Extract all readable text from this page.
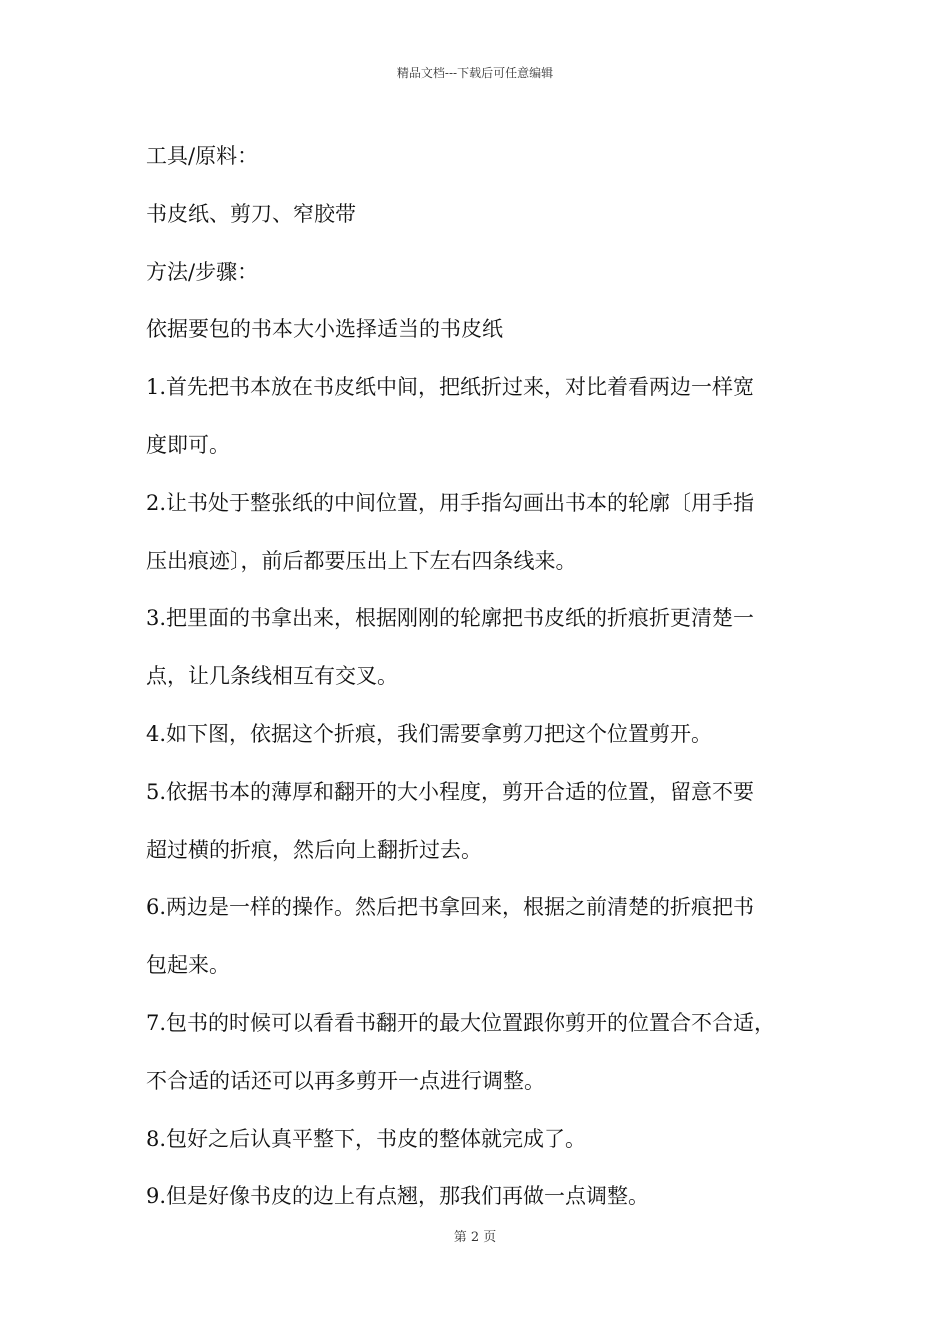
精品文档---下载后可任意编辑

工具/原料：

书皮纸、剪刀、窄胶带

方法/步骤：

依据要包的书本大小选择适当的书皮纸

1.首先把书本放在书皮纸中间，把纸折过来，对比着看两边一样宽

度即可。

2.让书处于整张纸的中间位置，用手指勾画出书本的轮廓〔用手指

压出痕迹〕，前后都要压出上下左右四条线来。

3.把里面的书拿出来，根据刚刚的轮廓把书皮纸的折痕折更清楚一

点，让几条线相互有交叉。

4.如下图，依据这个折痕，我们需要拿剪刀把这个位置剪开。

5.依据书本的薄厚和翻开的大小程度，剪开合适的位置，留意不要

超过横的折痕，然后向上翻折过去。

6.两边是一样的操作。然后把书拿回来，根据之前清楚的折痕把书

包起来。

7.包书的时候可以看看书翻开的最大位置跟你剪开的位置合不合适，

不合适的话还可以再多剪开一点进行调整。

8.包好之后认真平整下，书皮的整体就完成了。

9.但是好像书皮的边上有点翘，那我们再做一点调整。

第 2 页
